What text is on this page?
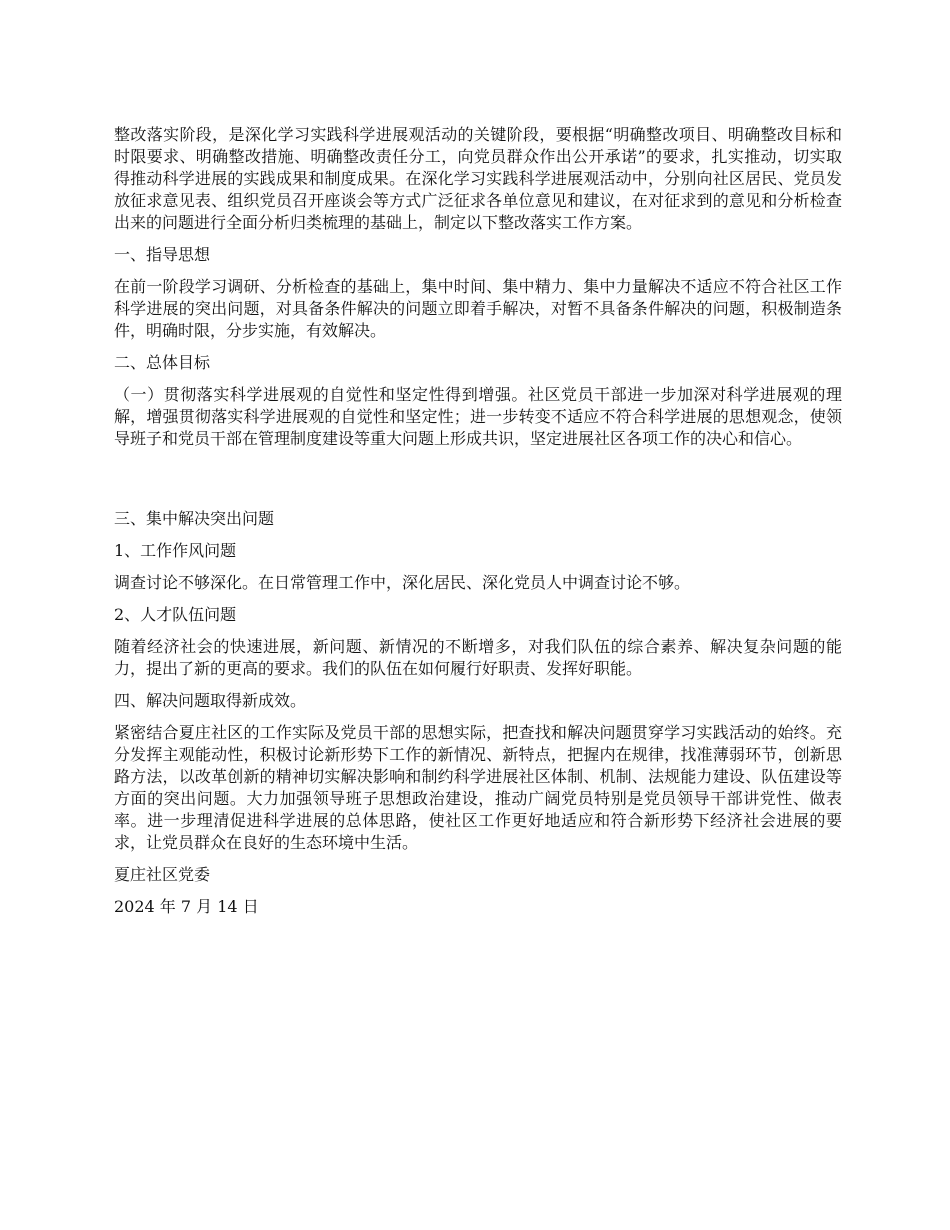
整改落实阶段，是深化学习实践科学进展观活动的关键阶段，要根据“明确整改项目、明确整改目标和时限要求、明确整改措施、明确整改责任分工，向党员群众作出公开承诺”的要求，扎实推动，切实取得推动科学进展的实践成果和制度成果。在深化学习实践科学进展观活动中，分别向社区居民、党员发放征求意见表、组织党员召开座谈会等方式广泛征求各单位意见和建议，在对征求到的意见和分析检查出来的问题进行全面分析归类梳理的基础上，制定以下整改落实工作方案。

一、指导思想

在前一阶段学习调研、分析检查的基础上，集中时间、集中精力、集中力量解决不适应不符合社区工作科学进展的突出问题，对具备条件解决的问题立即着手解决，对暂不具备条件解决的问题，积极制造条件，明确时限，分步实施，有效解决。

二、总体目标

（一）贯彻落实科学进展观的自觉性和坚定性得到增强。社区党员干部进一步加深对科学进展观的理解，增强贯彻落实科学进展观的自觉性和坚定性；进一步转变不适应不符合科学进展的思想观念，使领导班子和党员干部在管理制度建设等重大问题上形成共识，坚定进展社区各项工作的决心和信心。

三、集中解决突出问题

1、工作作风问题

调查讨论不够深化。在日常管理工作中，深化居民、深化党员人中调查讨论不够。

2、人才队伍问题

随着经济社会的快速进展，新问题、新情况的不断增多，对我们队伍的综合素养、解决复杂问题的能力，提出了新的更高的要求。我们的队伍在如何履行好职责、发挥好职能。

四、解决问题取得新成效。

紧密结合夏庄社区的工作实际及党员干部的思想实际，把查找和解决问题贯穿学习实践活动的始终。充分发挥主观能动性，积极讨论新形势下工作的新情况、新特点，把握内在规律，找准薄弱环节，创新思路方法，以改革创新的精神切实解决影响和制约科学进展社区体制、机制、法规能力建设、队伍建设等方面的突出问题。大力加强领导班子思想政治建设，推动广阔党员特别是党员领导干部讲党性、做表率。进一步理清促进科学进展的总体思路，使社区工作更好地适应和符合新形势下经济社会进展的要求，让党员群众在良好的生态环境中生活。

夏庄社区党委

2024 年 7 月 14 日
